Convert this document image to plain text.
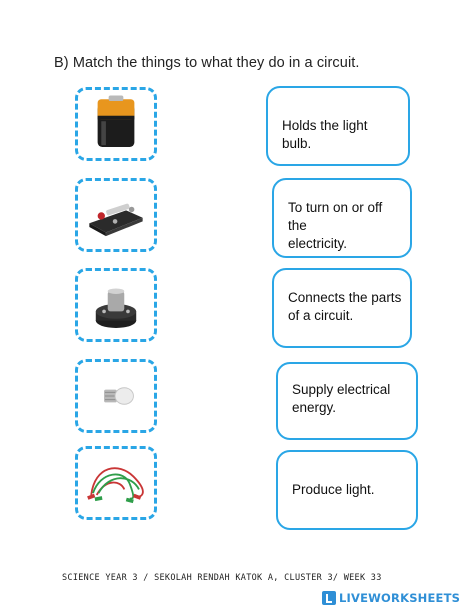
B) Match the things to what they do in a circuit.
Holds the light bulb.
To turn on or off the
electricity.
Connects the parts
of a circuit.
Supply electrical
energy.
Produce light.
SCIENCE YEAR 3 / SEKOLAH RENDAH KATOK A, CLUSTER 3/ WEEK 33
LIVEWORKSHEETS
